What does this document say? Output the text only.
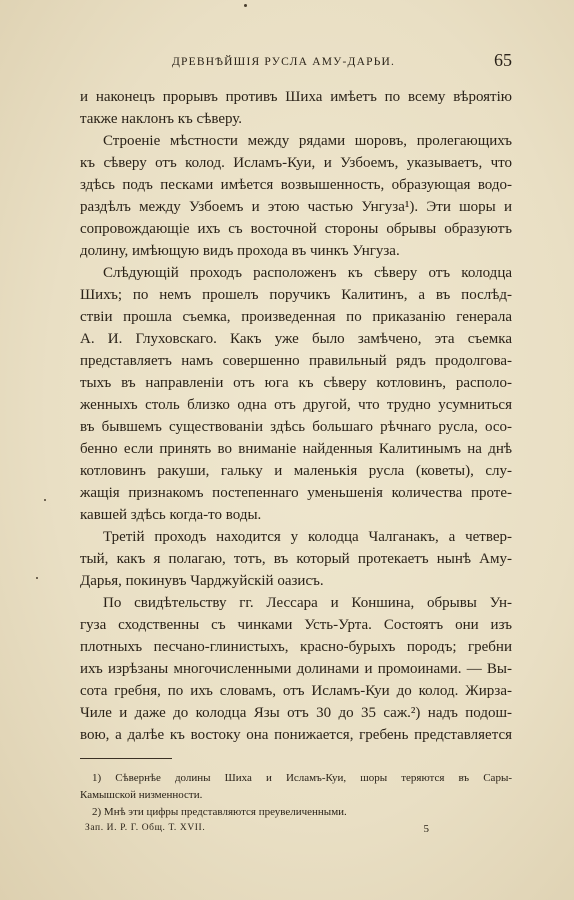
ДРЕВНѢЙШІЯ РУСЛА АМУ-ДАРЬИ.	65
и наконецъ прорывъ противъ Шиха имѣетъ по всему вѣроятію
также наклонъ къ сѣверу.
Строеніе мѣстности между рядами шоровъ, пролегающихъ
къ сѣверу отъ колод. Исламъ-Куи, и Узбоемъ, указываетъ, что
здѣсь подъ песками имѣется возвышенность, образующая водо-
раздѣлъ между Узбоемъ и этою частью Унгуза¹). Эти шоры и
сопровождающіе ихъ съ восточной стороны обрывы образуютъ
долину, имѣющую видъ прохода въ чинкъ Унгуза.
Слѣдующій проходъ расположенъ къ сѣверу отъ колодца
Шихъ; по немъ прошелъ поручикъ Калитинъ, а въ послѣд-
ствіи прошла съемка, произведенная по приказанію генерала
А. И. Глуховскаго. Какъ уже было замѣчено, эта съемка
представляетъ намъ совершенно правильный рядъ продолгова-
тыхъ въ направленіи отъ юга къ сѣверу котловинъ, располо-
женныхъ столь близко одна отъ другой, что трудно усумниться
въ бывшемъ существованіи здѣсь большаго рѣчнаго русла, осо-
бенно если принять во вниманіе найденныя Калитинымъ на днѣ
котловинъ ракуши, гальку и маленькія русла (коветы), слу-
жащія признакомъ постепеннаго уменьшенія количества проте-
кавшей здѣсь когда-то воды.
Третій проходъ находится у колодца Чалганакъ, а четвер-
тый, какъ я полагаю, тотъ, въ который протекаетъ нынѣ Аму-
Дарья, покинувъ Чарджуйскій оазисъ.
По свидѣтельству гг. Лессара и Коншина, обрывы Ун-
гуза сходственны съ чинками Усть-Урта. Состоятъ они изъ
плотныхъ песчано-глинистыхъ, красно-бурыхъ породъ; гребни
ихъ изрѣзаны многочисленными долинами и промоинами. — Вы-
сота гребня, по ихъ словамъ, отъ Исламъ-Куи до колод. Жирза-
Чиле и даже до колодца Язы отъ 30 до 35 саж.²) надъ подош-
вою, а далѣе къ востоку она понижается, гребень представляется
1) Сѣвернѣе долины Шиха и Исламъ-Куи, шоры теряются въ Сары-
Камышской низменности.
2) Мнѣ эти цифры представляются преувеличенными.
Зап. И. Р. Г. Общ. Т. XVII.	5
